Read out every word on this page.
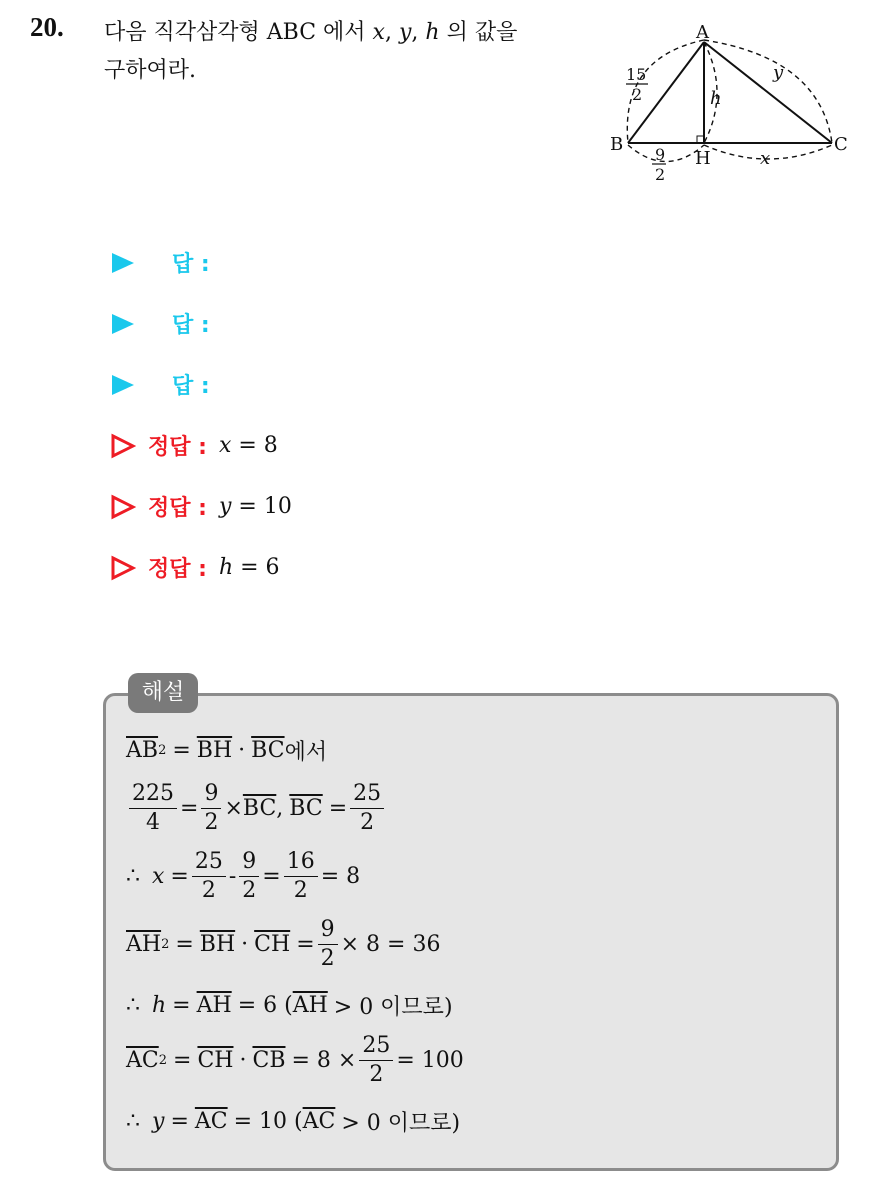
20. 다음 직각삼각형 ABC 에서 x, y, h 의 값을
구하여라.
A
B	C
H
h
y
x
15
2
9
2
답 :
답 :
답 :
정답 : x = 8
정답 : y = 10
정답 : h = 6
해설
$\overline{AB}$ $2 = \overline{BH} \cdot \overline{BC}$ 에서
$\frac{225}{4} = \frac{9}{2} \times \overline{BC}$ , $\overline{BC} = \frac{25}{2}$
∴ $x = \frac{25}{2} - \frac{9}{2} = \frac{16}{2} = 8$
$\overline{AH}$ $2 = \overline{BH} \cdot \overline{CH} = \frac{9}{2} \times 8 = 36$
∴ $h = \overline{AH} = 6$ ( $\overline{AH} > 0$ 이므로)
$\overline{AC}$ $2 = \overline{CH} \cdot \overline{CB} = 8 \times \frac{25}{2} = 100$
∴ $y = \overline{AC} = 10$ ( $\overline{AC} > 0$ 이므로)
